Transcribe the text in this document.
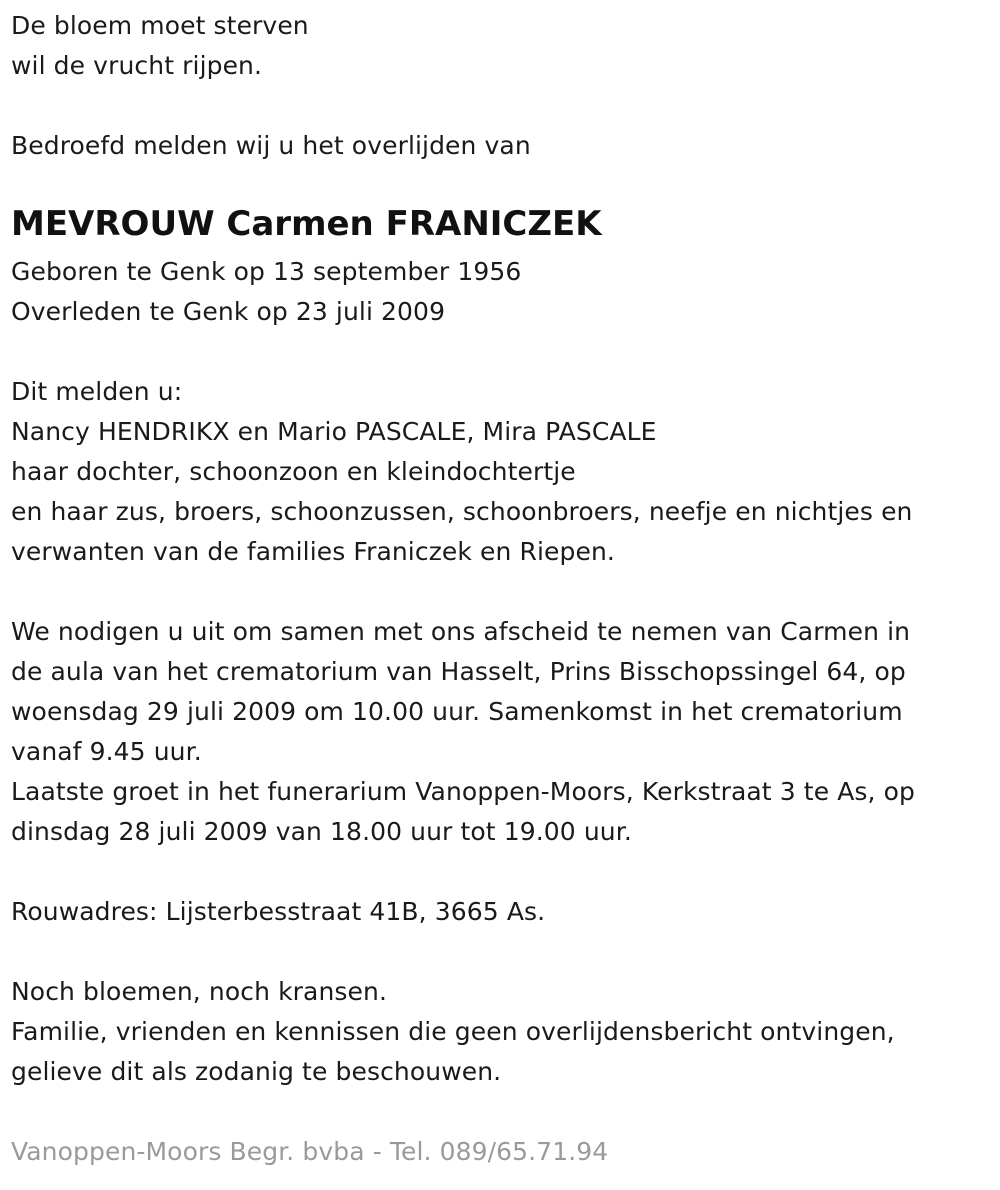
De bloem moet sterven
wil de vrucht rijpen.
Bedroefd melden wij u het overlijden van
MEVROUW Carmen FRANICZEK
Geboren te Genk op 13 september 1956
Overleden te Genk op 23 juli 2009
Dit melden u:
Nancy HENDRIKX en Mario PASCALE, Mira PASCALE
haar dochter, schoonzoon en kleindochtertje
en haar zus, broers, schoonzussen, schoonbroers, neefje en nichtjes en
verwanten van de families Franiczek en Riepen.
We nodigen u uit om samen met ons afscheid te nemen van Carmen in
de aula van het crematorium van Hasselt, Prins Bisschopssingel 64, op
woensdag 29 juli 2009 om 10.00 uur. Samenkomst in het crematorium
vanaf 9.45 uur.
Laatste groet in het funerarium Vanoppen-Moors, Kerkstraat 3 te As, op
dinsdag 28 juli 2009 van 18.00 uur tot 19.00 uur.
Rouwadres: Lijsterbesstraat 41B, 3665 As.
Noch bloemen, noch kransen.
Familie, vrienden en kennissen die geen overlijdensbericht ontvingen,
gelieve dit als zodanig te beschouwen.
Vanoppen-Moors Begr. bvba - Tel. 089/65.71.94
